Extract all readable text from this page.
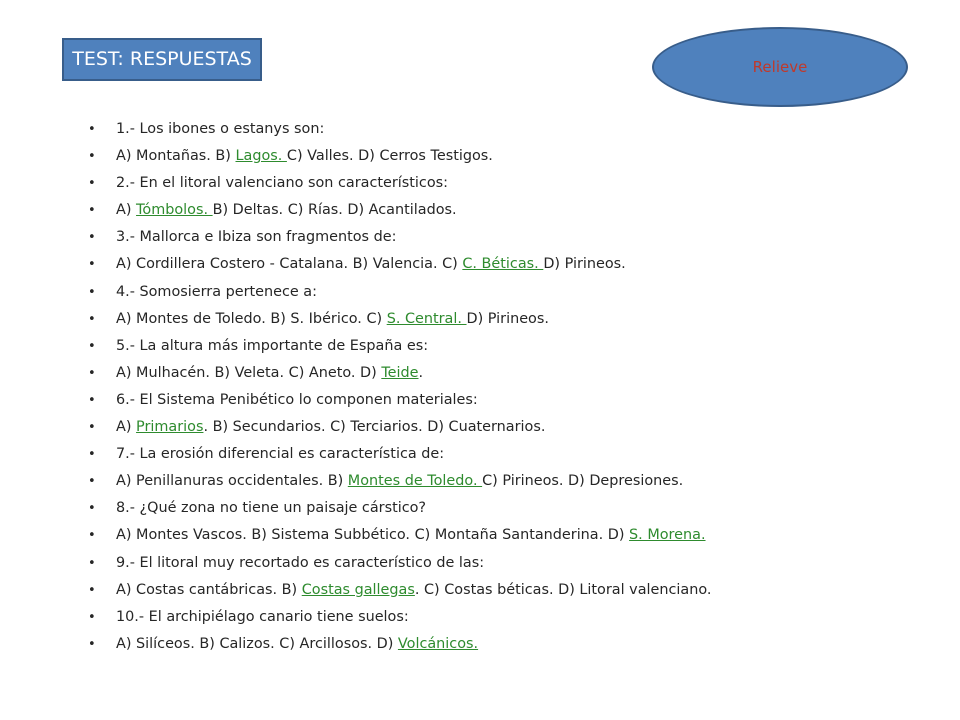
TEST: RESPUESTAS	Relieve
• 1.- Los ibones o estanys son:
• A) Montañas. B) Lagos. C) Valles. D) Cerros Testigos.
• 2.- En el litoral valenciano son característicos:
• A) Tómbolos. B) Deltas. C) Rías. D) Acantilados.
• 3.- Mallorca e Ibiza son fragmentos de:
• A) Cordillera Costero - Catalana. B) Valencia. C) C. Béticas. D) Pirineos.
• 4.- Somosierra pertenece a:
• A) Montes de Toledo. B) S. Ibérico. C) S. Central. D) Pirineos.
• 5.- La altura más importante de España es:
• A) Mulhacén. B) Veleta. C) Aneto. D) Teide.
• 6.- El Sistema Penibético lo componen materiales:
• A) Primarios. B) Secundarios. C) Terciarios. D) Cuaternarios.
• 7.- La erosión diferencial es característica de:
• A) Penillanuras occidentales. B) Montes de Toledo. C) Pirineos. D) Depresiones.
• 8.- ¿Qué zona no tiene un paisaje cárstico?
• A) Montes Vascos. B) Sistema Subbético. C) Montaña Santanderina. D) S. Morena.
• 9.- El litoral muy recortado es característico de las:
• A) Costas cantábricas. B) Costas gallegas. C) Costas béticas. D) Litoral valenciano.
• 10.- El archipiélago canario tiene suelos:
• A) Silíceos. B) Calizos. C) Arcillosos. D) Volcánicos.
